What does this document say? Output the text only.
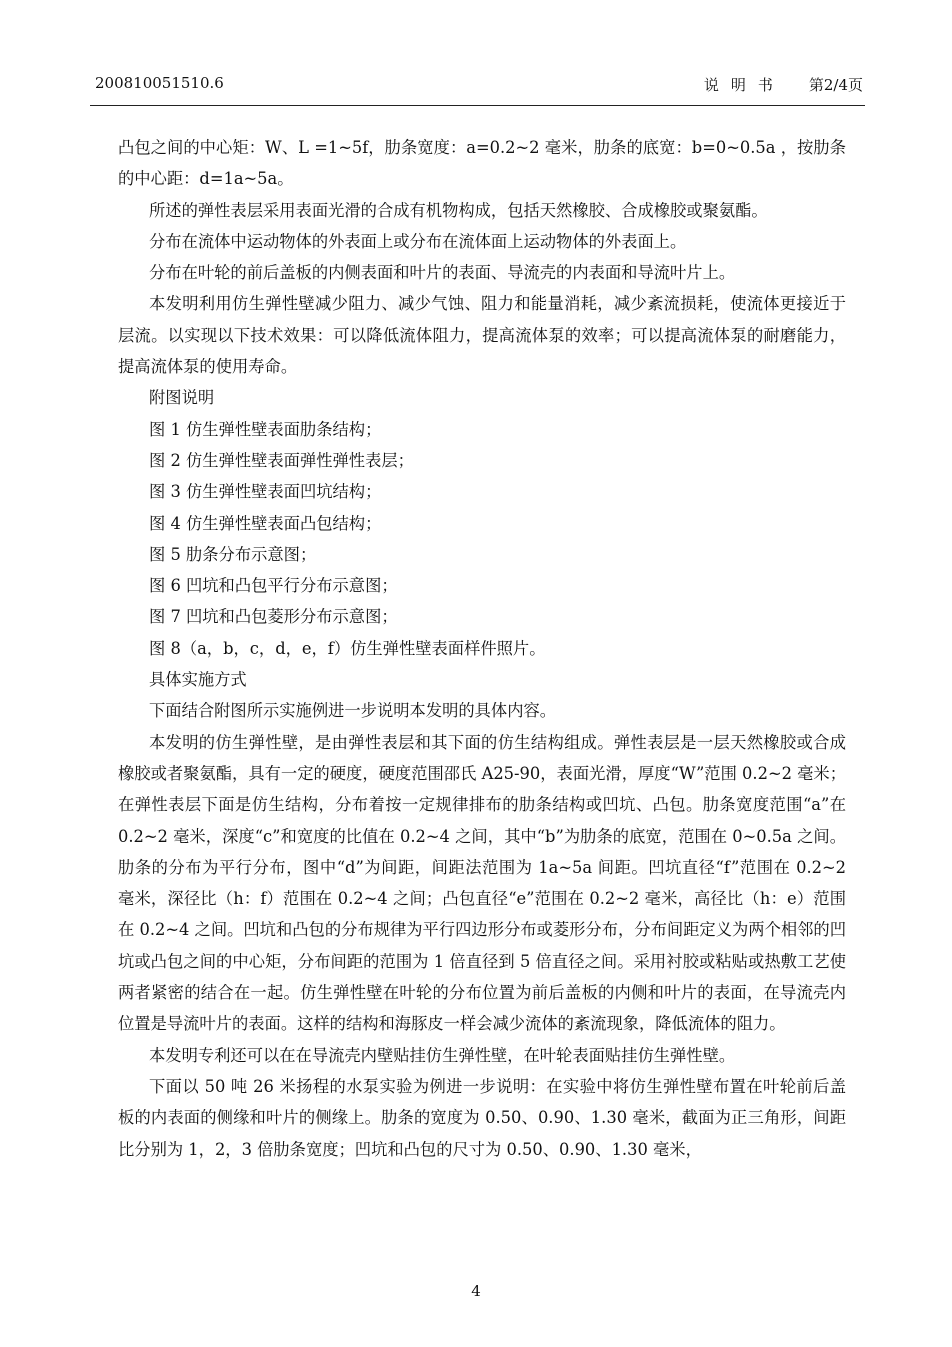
200810051510.6	说明书 第2/4页

凸包之间的中心矩：W、L =1~5f，肋条宽度：a=0.2~2 毫米，肋条的底宽：b=0~0.5a ，按肋条的中心距：d=1a~5a。

所述的弹性表层采用表面光滑的合成有机物构成，包括天然橡胶、合成橡胶或聚氨酯。

分布在流体中运动物体的外表面上或分布在流体面上运动物体的外表面上。

分布在叶轮的前后盖板的内侧表面和叶片的表面、导流壳的内表面和导流叶片上。

本发明利用仿生弹性壁减少阻力、减少气蚀、阻力和能量消耗，减少紊流损耗，使流体更接近于层流。以实现以下技术效果：可以降低流体阻力，提高流体泵的效率；可以提高流体泵的耐磨能力，提高流体泵的使用寿命。

附图说明

图 1 仿生弹性壁表面肋条结构；

图 2 仿生弹性壁表面弹性弹性表层；

图 3 仿生弹性壁表面凹坑结构；

图 4 仿生弹性壁表面凸包结构；

图 5 肋条分布示意图；

图 6 凹坑和凸包平行分布示意图；

图 7 凹坑和凸包菱形分布示意图；

图 8（a，b，c，d，e，f）仿生弹性壁表面样件照片。

具体实施方式

下面结合附图所示实施例进一步说明本发明的具体内容。

本发明的仿生弹性壁，是由弹性表层和其下面的仿生结构组成。弹性表层是一层天然橡胶或合成橡胶或者聚氨酯，具有一定的硬度，硬度范围邵氏 A25-90，表面光滑，厚度“W”范围 0.2~2 毫米；在弹性表层下面是仿生结构，分布着按一定规律排布的肋条结构或凹坑、凸包。肋条宽度范围“a”在 0.2~2 毫米，深度“c”和宽度的比值在 0.2~4 之间，其中“b”为肋条的底宽，范围在 0~0.5a 之间。肋条的分布为平行分布，图中“d”为间距，间距法范围为 1a~5a 间距。凹坑直径“f”范围在 0.2~2 毫米，深径比（h：f）范围在 0.2~4 之间；凸包直径“e”范围在 0.2~2 毫米，高径比（h：e）范围在 0.2~4 之间。凹坑和凸包的分布规律为平行四边形分布或菱形分布，分布间距定义为两个相邻的凹坑或凸包之间的中心矩，分布间距的范围为 1 倍直径到 5 倍直径之间。采用衬胶或粘贴或热敷工艺使两者紧密的结合在一起。仿生弹性壁在叶轮的分布位置为前后盖板的内侧和叶片的表面，在导流壳内位置是导流叶片的表面。这样的结构和海豚皮一样会减少流体的紊流现象，降低流体的阻力。

本发明专利还可以在在导流壳内壁贴挂仿生弹性壁，在叶轮表面贴挂仿生弹性壁。

下面以 50 吨 26 米扬程的水泵实验为例进一步说明：在实验中将仿生弹性壁布置在叶轮前后盖板的内表面的侧缘和叶片的侧缘上。肋条的宽度为 0.50、0.90、1.30 毫米，截面为正三角形，间距比分别为 1，2，3 倍肋条宽度；凹坑和凸包的尺寸为 0.50、0.90、1.30 毫米，

4
